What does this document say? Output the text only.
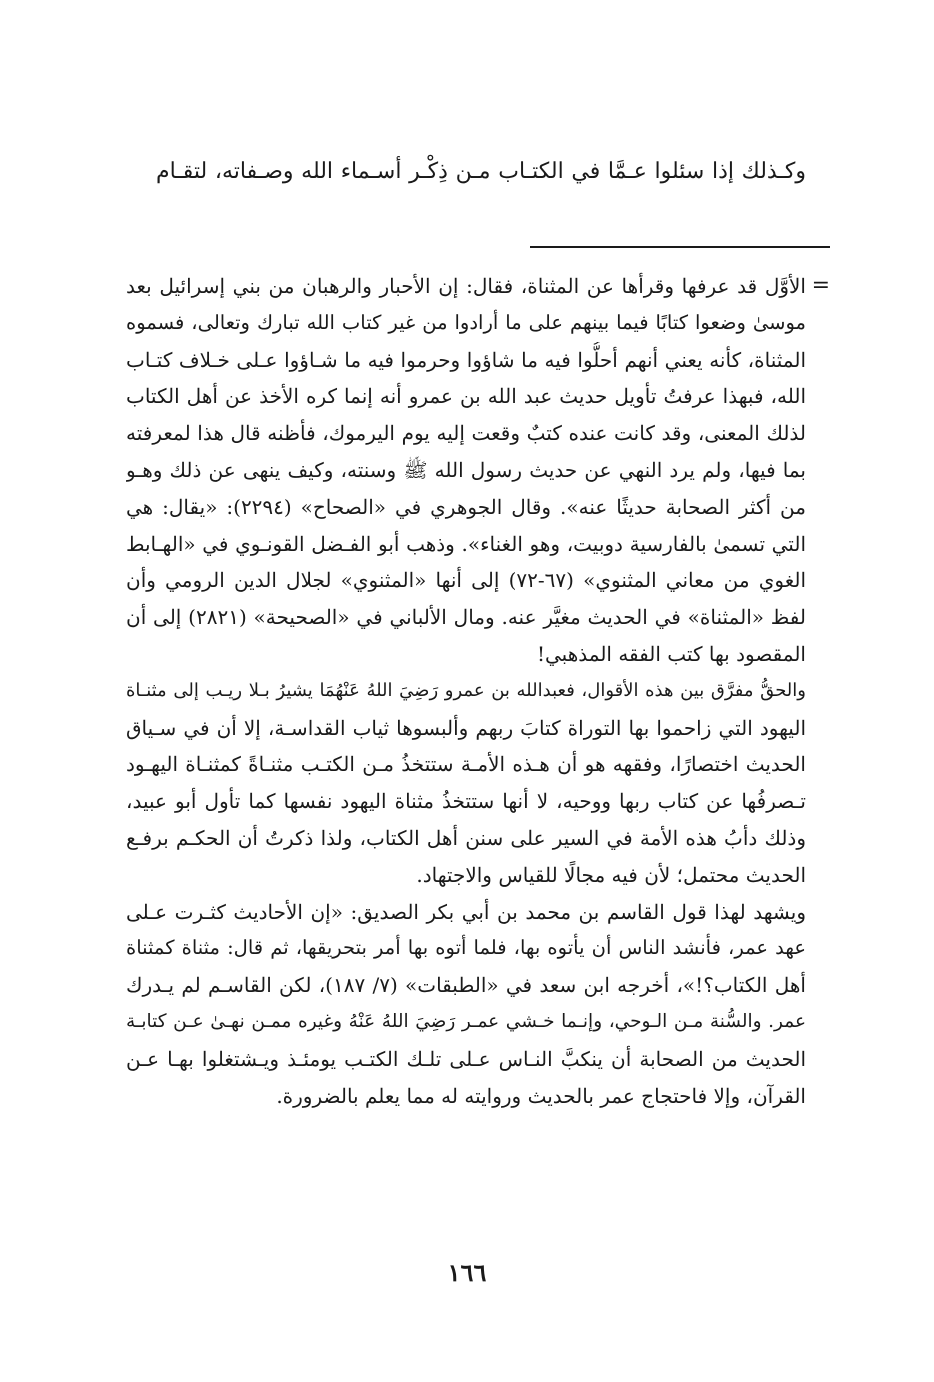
وكـذلك إذا سئلوا عـمَّا في الكتـاب مـن ذِكْـر أسـماء الله وصـفاته، لتقـام
=
الأوَّل قد عرفها وقرأها عن المثناة، فقال: إن الأحبار والرهبان من بني إسرائيل بعد
موسىٰ وضعوا كتابًا فيما بينهم على ما أرادوا من غير كتاب الله تبارك وتعالى، فسموه
المثناة، كأنه يعني أنهم أحلُّوا فيه ما شاؤوا وحرموا فيه ما شـاؤوا عـلى خـلاف كتـاب
الله، فبهذا عرفتُ تأويل حديث عبد الله بن عمرو أنه إنما كره الأخذ عن أهل الكتاب
لذلك المعنى، وقد كانت عنده كتبٌ وقعت إليه يوم اليرموك، فأظنه قال هذا لمعرفته
بما فيها، ولم يرد النهي عن حديث رسول الله ﷺ وسنته، وكيف ينهى عن ذلك وهـو
من أكثر الصحابة حديثًا عنه». وقال الجوهري في «الصحاح» (٢٢٩٤): «يقال: هي
التي تسمىٰ بالفارسية دوبيت، وهو الغناء». وذهب أبو الفـضل القونـوي في «الهـابط
الغوي من معاني المثنوي» (٦٧-٧٢) إلى أنها «المثنوي» لجلال الدين الرومي وأن
لفظ «المثناة» في الحديث مغيَّر عنه. ومال الألباني في «الصحيحة» (٢٨٢١) إلى أن
المقصود بها كتب الفقه المذهبي!
والحقُّ مفرَّق بين هذه الأقوال، فعبدالله بن عمرو رَضِيَ اللهُ عَنْهُمَا يشيرُ بـلا ريـب إلى مثنـاة
اليهود التي زاحموا بها التوراة كتابَ ربهم وألبسوها ثياب القداسـة، إلا أن في سـياق
الحديث اختصارًا، وفقهه هو أن هـذه الأمـة ستتخذُ مـن الكتـب مثنـاةً كمثنـاة اليهـود
تـصرفُها عن كتاب ربها ووحيه، لا أنها ستتخذُ مثناة اليهود نفسها كما تأول أبو عبيد،
وذلك دأبُ هذه الأمة في السير على سنن أهل الكتاب، ولذا ذكرتُ أن الحكـم برفـع
الحديث محتمل؛ لأن فيه مجالًا للقياس والاجتهاد.
ويشهد لهذا قول القاسم بن محمد بن أبي بكر الصديق: «إن الأحاديث كثـرت عـلى
عهد عمر، فأنشد الناس أن يأتوه بها، فلما أتوه بها أمر بتحريقها، ثم قال: مثناة كمثناة
أهل الكتاب؟!»، أخرجه ابن سعد في «الطبقات» (٧/ ١٨٧)، لكن القاسـم لم يـدرك
عمر. والسُّنة مـن الـوحي، وإنـما خـشي عمـر رَضِيَ اللهُ عَنْهُ وغيره ممـن نهـىٰ عـن كتابـة
الحديث من الصحابة أن ينكبَّ النـاس عـلى تلـك الكتـب يومئـذ ويـشتغلوا بهـا عـن
القرآن، وإلا فاحتجاج عمر بالحديث وروايته له مما يعلم بالضرورة.
١٦٦
